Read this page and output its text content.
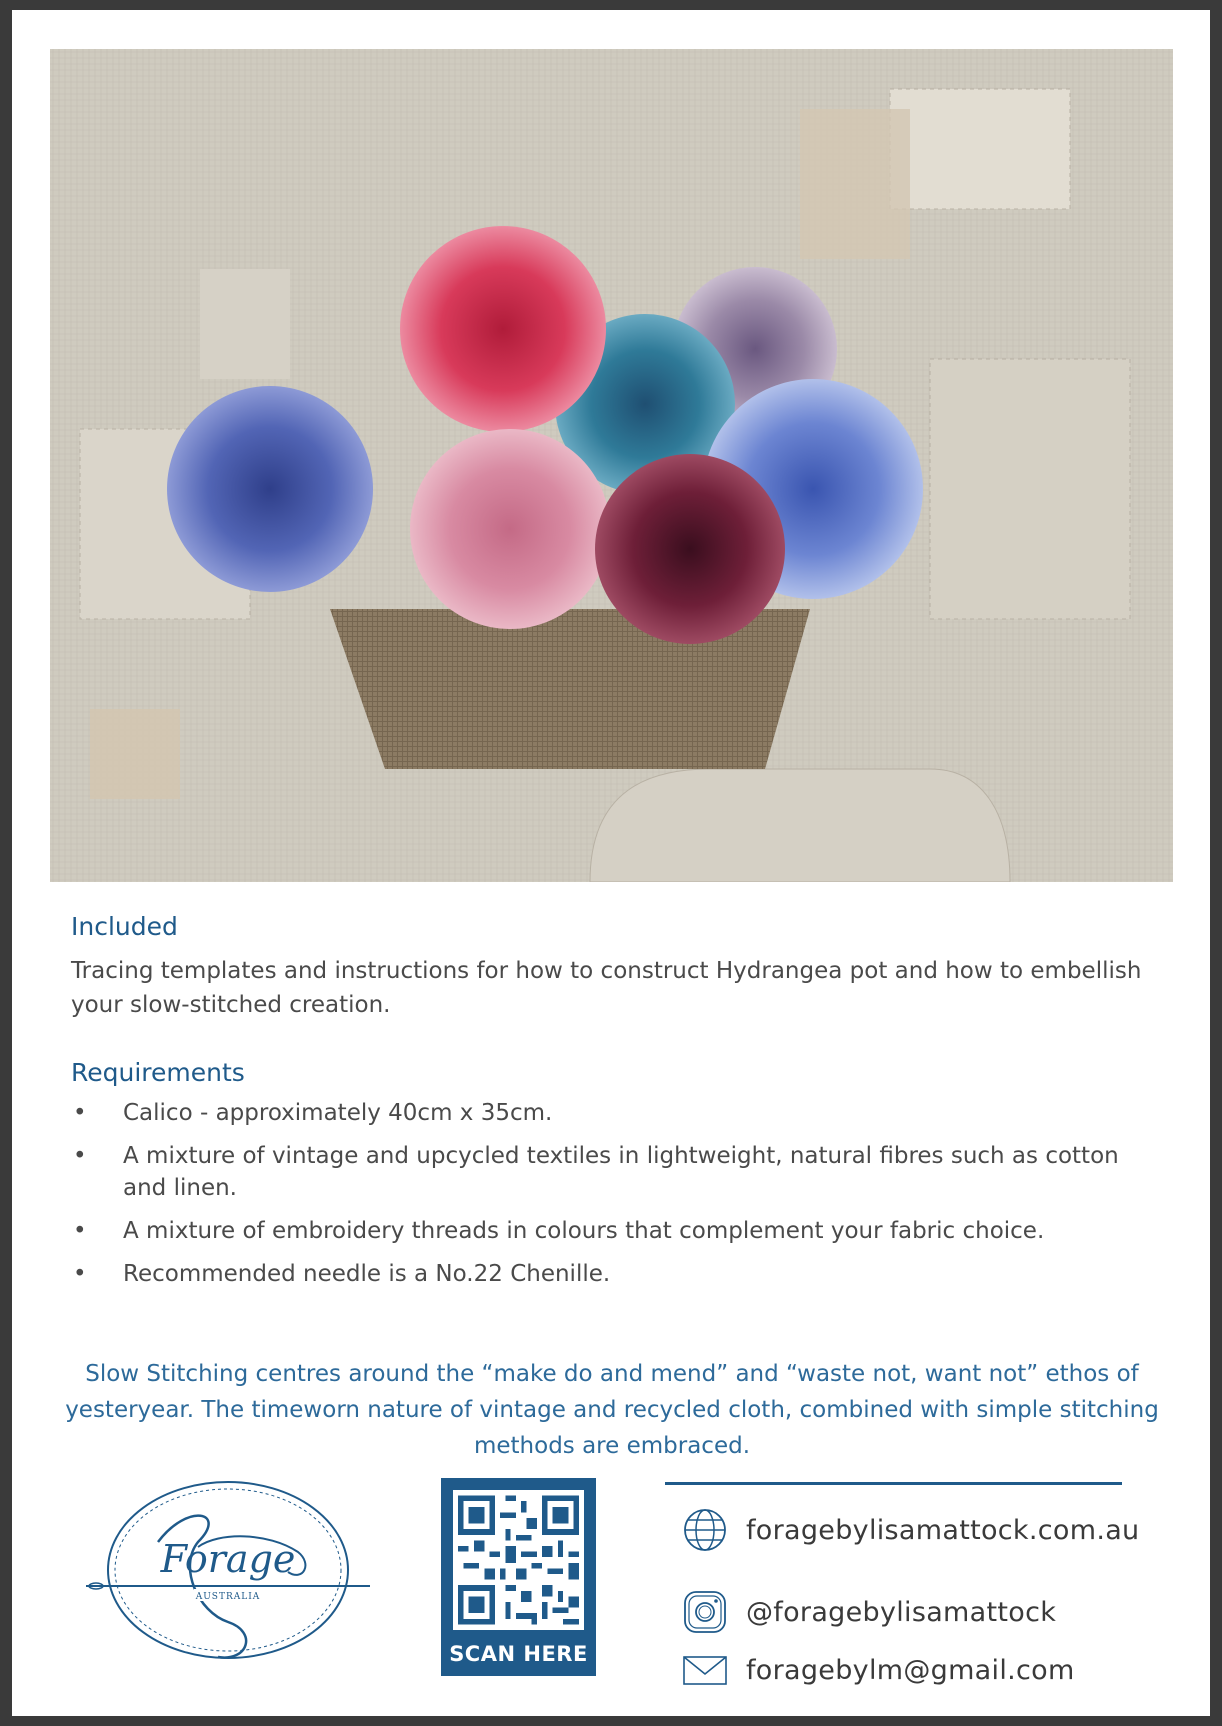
Included

Tracing templates and instructions for how to construct Hydrangea pot and how to embellish your slow-stitched creation.

Requirements
• Calico - approximately 40cm x 35cm.
• A mixture of vintage and upcycled textiles in lightweight, natural fibres such as cotton and linen.
• A mixture of embroidery threads in colours that complement your fabric choice.
• Recommended needle is a No.22 Chenille.

Slow Stitching centres around the “make do and mend” and “waste not, want not” ethos of yesteryear. The timeworn nature of vintage and recycled cloth, combined with simple stitching methods are embraced.

Forage
AUSTRALIA
SCAN HERE
foragebylisamattock.com.au
@foragebylisamattock
foragebylm@gmail.com
